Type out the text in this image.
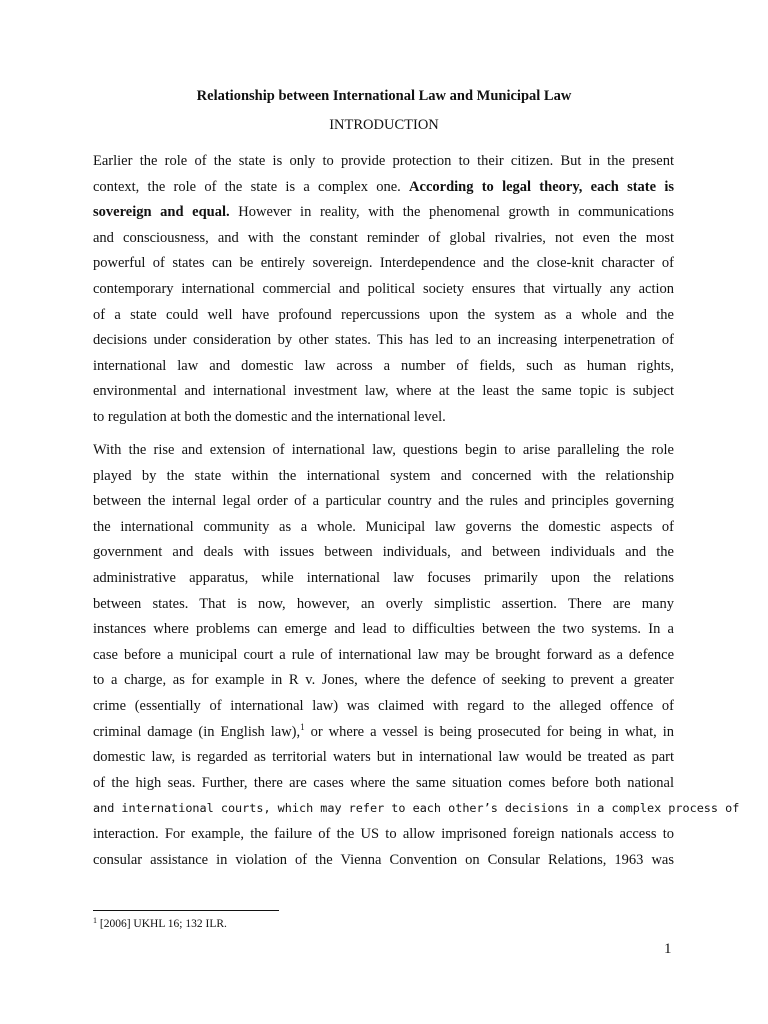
Relationship between International Law and Municipal Law
INTRODUCTION
Earlier the role of the state is only to provide protection to their citizen. But in the present
context, the role of the state is a complex one. According to legal theory, each state is
sovereign and equal. However in reality, with the phenomenal growth in communications
and consciousness, and with the constant reminder of global rivalries, not even the most
powerful of states can be entirely sovereign. Interdependence and the close-knit character of
contemporary international commercial and political society ensures that virtually any action
of a state could well have profound repercussions upon the system as a whole and the
decisions under consideration by other states. This has led to an increasing interpenetration of
international law and domestic law across a number of fields, such as human rights,
environmental and international investment law, where at the least the same topic is subject
to regulation at both the domestic and the international level.
With the rise and extension of international law, questions begin to arise paralleling the role
played by the state within the international system and concerned with the relationship
between the internal legal order of a particular country and the rules and principles governing
the international community as a whole. Municipal law governs the domestic aspects of
government and deals with issues between individuals, and between individuals and the
administrative apparatus, while international law focuses primarily upon the relations
between states. That is now, however, an overly simplistic assertion. There are many
instances where problems can emerge and lead to difficulties between the two systems. In a
case before a municipal court a rule of international law may be brought forward as a defence
to a charge, as for example in R v. Jones, where the defence of seeking to prevent a greater
crime (essentially of international law) was claimed with regard to the alleged offence of
criminal damage (in English law),$^1$ or where a vessel is being prosecuted for being in what, in
domestic law, is regarded as territorial waters but in international law would be treated as part
of the high seas. Further, there are cases where the same situation comes before both national
and international courts, which may refer to each other’s decisions in a complex process of
interaction. For example, the failure of the US to allow imprisoned foreign nationals access to
consular assistance in violation of the Vienna Convention on Consular Relations, 1963 was
$^1$ [2006] UKHL 16; 132 ILR.
1
